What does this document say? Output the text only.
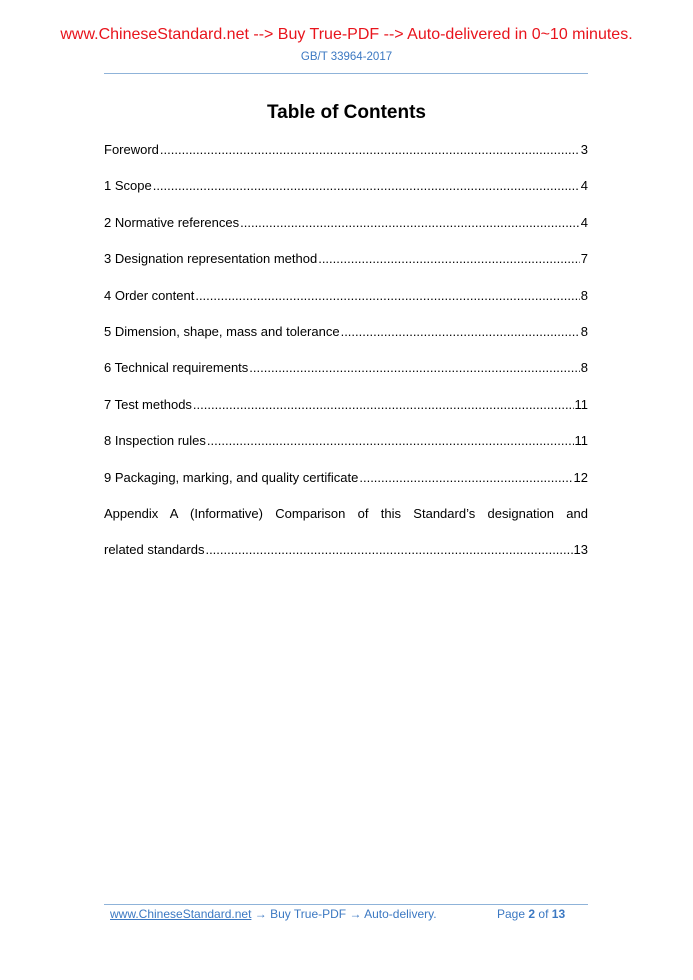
www.ChineseStandard.net --> Buy True-PDF --> Auto-delivered in 0~10 minutes.
GB/T 33964-2017
Table of Contents
Foreword .....	3
1 Scope .....	4
2 Normative references .....	4
3 Designation representation method .....	7
4 Order content .....	8
5 Dimension, shape, mass and tolerance .....	8
6 Technical requirements .....	8
7 Test methods .....	11
8 Inspection rules .....	11
9 Packaging, marking, and quality certificate .....	12
Appendix A (Informative) Comparison of this Standard’s designation and
related standards .....	13
www.ChineseStandard.net → Buy True-PDF → Auto-delivery.	Page 2 of 13
